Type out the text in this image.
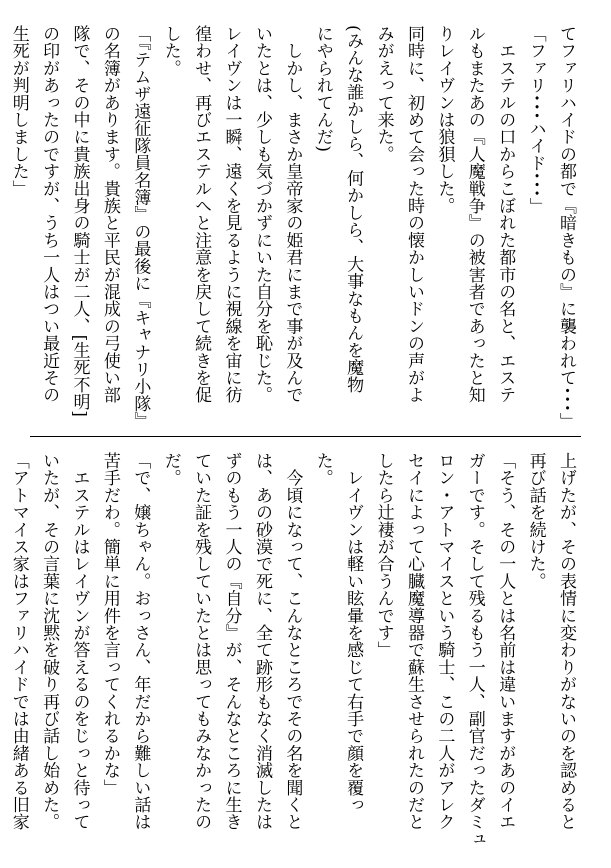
てファリハイドの都で『暗きもの』に襲われて･･･」
「ファリ･･･ハイド･･･」
　エステルの口からこぼれた都市の名と、エステ
ルもまたあの『人魔戦争』の被害者であったと知
りレイヴンは狼狽した。
同時に、初めて会った時の懐かしいドンの声がよ
みがえって来た。
(みんな誰かしら、何かしら、大事なもんを魔物
にやられてんだ)
　しかし、まさか皇帝家の姫君にまで事が及んで
いたとは、少しも気づかずにいた自分を恥じた。
レイヴンは一瞬、遠くを見るように視線を宙に彷
徨わせ、再びエステルへと注意を戻して続きを促
した。
「『テムザ遠征隊員名簿』の最後に『キャナリ小隊』
の名簿があります。貴族と平民が混成の弓使い部
隊で、その中に貴族出身の騎士が二人、[生死不明]
の印があったのですが、うち一人はつい最近その
生死が判明しました」
上げたが、その表情に変わりがないのを認めると
再び話を続けた。
「そう、その一人とは名前は違いますがあのイエ
ガーです。そして残るもう一人、副官だったダミュ
ロン・アトマイスという騎士、この二人がアレク
セイによって心臓魔導器で蘇生させられたのだと
したら辻褄が合うんです」
　レイヴンは軽い眩暈を感じて右手で顔を覆っ
た。
　今頃になって、こんなところでその名を聞くと
は、あの砂漠で死に、全て跡形もなく消滅したは
ずのもう一人の『自分』が、そんなところに生き
ていた証を残していたとは思ってもみなかったの
だ。
「で、嬢ちゃん。おっさん、年だから難しい話は
苦手だわ。簡単に用件を言ってくれるかな」
　エステルはレイヴンが答えるのをじっと待って
いたが、その言葉に沈黙を破り再び話し始めた。
「アトマイス家はファリハイドでは由緒ある旧家
